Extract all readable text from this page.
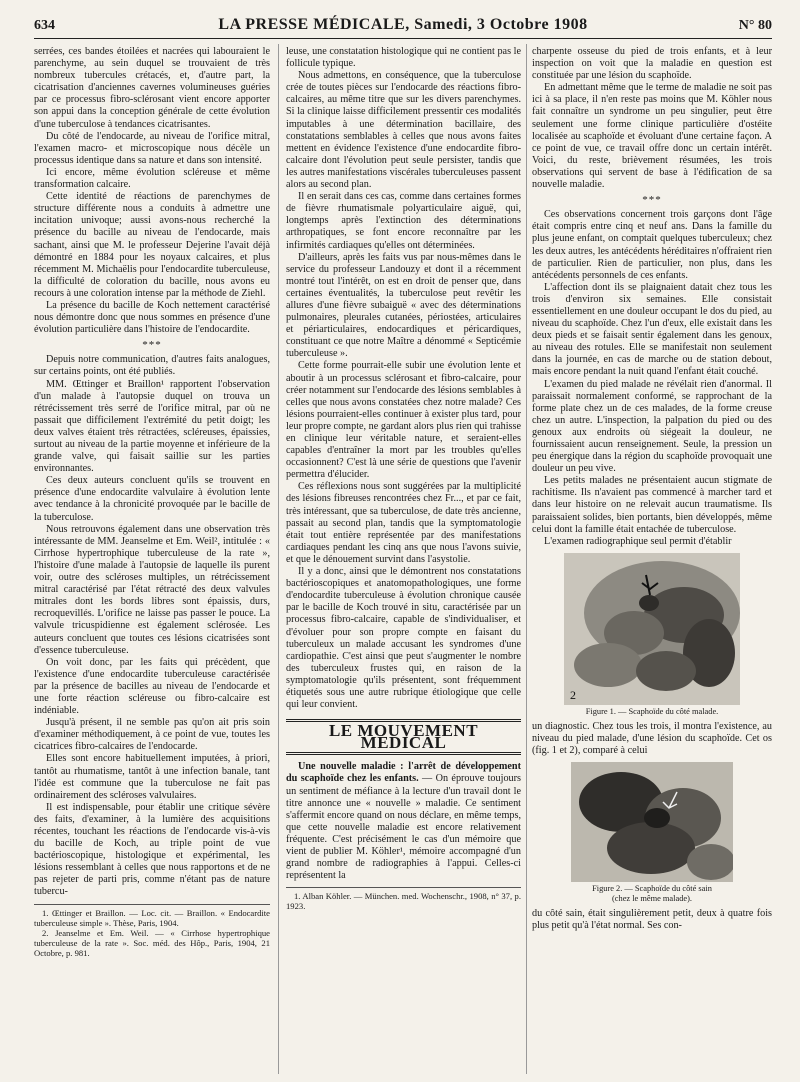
634	LA PRESSE MÉDICALE, Samedi, 3 Octobre 1908	N° 80

serrées, ces bandes étoilées et nacrées qui labouraient le parenchyme, au sein duquel se trouvaient de très nombreux tubercules crétacés, et, d'autre part, la cicatrisation d'anciennes cavernes volumineuses guéries par ce processus fibro-sclérosant vient encore apporter son appui dans la conception générale de cette évolution d'une tuberculose à tendances cicatrisantes.

Du côté de l'endocarde, au niveau de l'orifice mitral, l'examen macro- et microscopique nous décèle un processus identique dans sa nature et dans son intensité.

Ici encore, même évolution scléreuse et même transformation calcaire.

Cette identité de réactions de parenchymes de structure différente nous a conduits à admettre une incitation univoque; aussi avons-nous recherché la présence du bacille au niveau de l'endocarde, mais sachant, ainsi que M. le professeur Dejerine l'avait déjà démontré en 1884 pour les noyaux calcaires, et plus récemment M. Michaëlis pour l'endocardite tuberculeuse, la difficulté de coloration du bacille, nous avons eu recours à une coloration intense par la méthode de Ziehl.

La présence du bacille de Koch nettement caractérisé nous démontre donc que nous sommes en présence d'une évolution particulière dans l'histoire de l'endocardite.

***

Depuis notre communication, d'autres faits analogues, sur certains points, ont été publiés.

MM. Œttinger et Braillon¹ rapportent l'observation d'un malade à l'autopsie duquel on trouva un rétrécissement très serré de l'orifice mitral, par où ne passait que difficilement l'extrémité du petit doigt; les deux valves étaient très rétractées, scléreuses, épaissies, surtout au niveau de la partie moyenne et inférieure de la grande valve, qui faisait saillie sur les parties environnantes.

Ces deux auteurs concluent qu'ils se trouvent en présence d'une endocardite valvulaire à évolution lente avec tendance à la chronicité provoquée par le bacille de la tuberculose.

Nous retrouvons également dans une observation très intéressante de MM. Jeanselme et Em. Weil², intitulée : « Cirrhose hypertrophique tuberculeuse de la rate », l'histoire d'une malade à l'autopsie de laquelle ils purent voir, outre des scléroses multiples, un rétrécissement mitral caractérisé par l'état rétracté des deux valvules mitrales dont les bords libres sont épaissis, durs, recroquevillés. L'orifice ne laisse pas passer le pouce. La valvule tricuspidienne est également sclérosée. Les auteurs concluent que toutes ces lésions cicatrisées sont d'essence tuberculeuse.

On voit donc, par les faits qui précèdent, que l'existence d'une endocardite tuberculeuse caractérisée par la présence de bacilles au niveau de l'endocarde et une forte réaction scléreuse ou fibro-calcaire est indéniable.

Jusqu'à présent, il ne semble pas qu'on ait pris soin d'examiner méthodiquement, à ce point de vue, toutes les cicatrices fibro-calcaires de l'endocarde.

Elles sont encore habituellement imputées, à priori, tantôt au rhumatisme, tantôt à une infection banale, tant l'idée est commune que la tuberculose ne fait pas ordinairement des scléroses valvulaires.

Il est indispensable, pour établir une critique sévère des faits, d'examiner, à la lumière des acquisitions récentes, touchant les réactions de l'endocarde vis-à-vis du bacille de Koch, au triple point de vue bactérioscopique, histologique et expérimental, les lésions ressemblant à celles que nous rapportons et de ne pas rejeter de parti pris, comme n'étant pas de nature tubercu-

1. Œttinger et Braillon. — Loc. cit. — Braillon. « Endocardite tuberculeuse simple ». Thèse, Paris, 1904.

2. Jeanselme et Em. Weil. — « Cirrhose hypertrophique tuberculeuse de la rate ». Soc. méd. des Hôp., Paris, 1904, 21 Octobre, p. 981.

leuse, une constatation histologique qui ne contient pas le follicule typique.

Nous admettons, en conséquence, que la tuberculose crée de toutes pièces sur l'endocarde des réactions fibro-calcaires, au même titre que sur les divers parenchymes. Si la clinique laisse difficilement pressentir ces modalités imputables à une détermination bacillaire, des constatations semblables à celles que nous avons faites mettent en évidence l'existence d'une endocardite fibro-calcaire dont l'évolution peut seule persister, tandis que les autres manifestations viscérales tuberculeuses passent alors au second plan.

Il en serait dans ces cas, comme dans certaines formes de fièvre rhumatismale polyarticulaire aiguë, qui, longtemps après l'extinction des déterminations arthropatiques, se font encore reconnaître par les infirmités cardiaques qu'elles ont déterminées.

D'ailleurs, après les faits vus par nous-mêmes dans le service du professeur Landouzy et dont il a récemment montré tout l'intérêt, on est en droit de penser que, dans certaines éventualités, la tuberculose peut revêtir les allures d'une fièvre subaiguë « avec des déterminations pulmonaires, pleurales cutanées, périostées, articulaires et périarticulaires, endocardiques et péricardiques, constituant ce que notre Maître a dénommé « Septicémie tuberculeuse ».

Cette forme pourrait-elle subir une évolution lente et aboutir à un processus sclérosant et fibro-calcaire, pour créer notamment sur l'endocarde des lésions semblables à celles que nous avons constatées chez notre malade? Ces lésions pourraient-elles continuer à exister plus tard, pour leur propre compte, ne gardant alors plus rien qui trahisse en clinique leur véritable nature, et seraient-elles capables d'entraîner la mort par les troubles qu'elles occasionnent? C'est là une série de questions que l'avenir permettra d'élucider.

Ces réflexions nous sont suggérées par la multiplicité des lésions fibreuses rencontrées chez Fr..., et par ce fait, très intéressant, que sa tuberculose, de date très ancienne, passait au second plan, tandis que la symptomatologie était tout entière représentée par des manifestations cardiaques pendant les cinq ans que nous l'avons suivie, et que le dénouement survint dans l'asystolie.

Il y a donc, ainsi que le démontrent nos constatations bactérioscopiques et anatomopathologiques, une forme d'endocardite tuberculeuse à évolution chronique causée par le bacille de Koch trouvé in situ, caractérisée par un processus fibro-calcaire, capable de s'individualiser, et d'évoluer pour son propre compte en faisant du tuberculeux un malade accusant les syndromes d'une cardiopathie. C'est ainsi que peut s'augmenter le nombre des tuberculeux frustes qui, en raison de la symptomatologie qu'ils présentent, sont fréquemment étiquetés sous une autre rubrique étiologique que celle qui leur convient.

LE MOUVEMENT MÉDICAL

Une nouvelle maladie : l'arrêt de développement du scaphoïde chez les enfants. — On éprouve toujours un sentiment de méfiance à la lecture d'un travail dont le titre annonce une « nouvelle » maladie. Ce sentiment s'affermit encore quand on nous déclare, en même temps, que cette nouvelle maladie est encore relativement fréquente. C'est précisément le cas d'un mémoire que vient de publier M. Köhler¹, mémoire accompagné d'un grand nombre de radiographies à l'appui. Celles-ci représentent la

1. Alban Köhler. — München. med. Wochenschr., 1908, n° 37, p. 1923.

charpente osseuse du pied de trois enfants, et à leur inspection on voit que la maladie en question est constituée par une lésion du scaphoïde.

En admettant même que le terme de maladie ne soit pas ici à sa place, il n'en reste pas moins que M. Köhler nous fait connaître un syndrome un peu singulier, peut être seulement une forme clinique particulière d'ostéite localisée au scaphoïde et évoluant d'une certaine façon. A ce point de vue, ce travail offre donc un certain intérêt. Voici, du reste, brièvement résumées, les trois observations qui servent de base à l'édification de sa nouvelle maladie.

***

Ces observations concernent trois garçons dont l'âge était compris entre cinq et neuf ans. Dans la famille du plus jeune enfant, on comptait quelques tuberculeux; chez les deux autres, les antécédents héréditaires n'offraient rien de particulier. Rien de particulier, non plus, dans les antécédents personnels de ces enfants.

L'affection dont ils se plaignaient datait chez tous les trois d'environ six semaines. Elle consistait essentiellement en une douleur occupant le dos du pied, au niveau du scaphoïde. Chez l'un d'eux, elle existait dans les deux pieds et se faisait sentir également dans les genoux, au niveau des rotules. Elle se manifestait non seulement dans la journée, en cas de marche ou de station debout, mais encore pendant la nuit quand l'enfant était couché.

L'examen du pied malade ne révélait rien d'anormal. Il paraissait normalement conformé, se rapprochant de la forme plate chez un de ces malades, de la forme creuse chez un autre. L'inspection, la palpation du pied ou des genoux aux endroits où siégeait la douleur, ne fournissaient aucun renseignement. Seule, la pression un peu énergique dans la région du scaphoïde provoquait une douleur un peu vive.

Les petits malades ne présentaient aucun stigmate de rachitisme. Ils n'avaient pas commencé à marcher tard et dans leur histoire on ne relevait aucun traumatisme. Ils paraissaient solides, bien portants, bien développés, même celui dont la famille était entachée de tuberculose.

L'examen radiographique seul permit d'établir

2

Figure 1. — Scaphoïde du côté malade.

un diagnostic. Chez tous les trois, il montra l'existence, au niveau du pied malade, d'une lésion du scaphoïde. Cet os (fig. 1 et 2), comparé à celui

Figure 2. — Scaphoïde du côté sain

(chez le même malade).

du côté sain, était singulièrement petit, deux à quatre fois plus petit qu'à l'état normal. Ses con-
